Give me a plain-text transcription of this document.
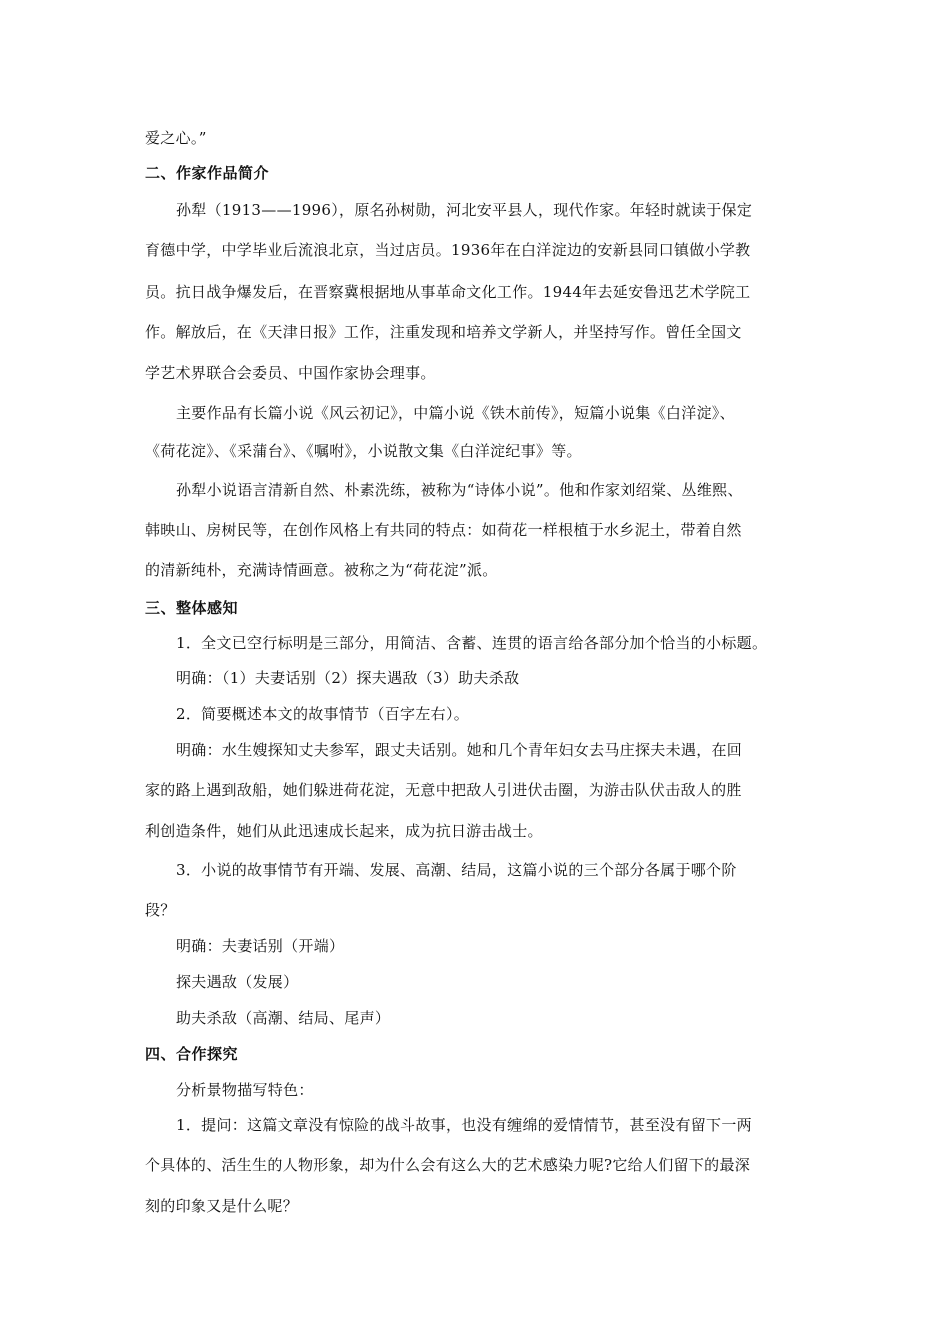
爱之心。”
二、作家作品简介
孙犁（1913——1996），原名孙树勋，河北安平县人，现代作家。年轻时就读于保定
育德中学，中学毕业后流浪北京，当过店员。1936年在白洋淀边的安新县同口镇做小学教
员。抗日战争爆发后，在晋察冀根据地从事革命文化工作。1944年去延安鲁迅艺术学院工
作。解放后，在《天津日报》工作，注重发现和培养文学新人，并坚持写作。曾任全国文
学艺术界联合会委员、中国作家协会理事。
主要作品有长篇小说《风云初记》，中篇小说《铁木前传》，短篇小说集《白洋淀》、
《荷花淀》、《采蒲台》、《嘱咐》，小说散文集《白洋淀纪事》等。
孙犁小说语言清新自然、朴素洗练，被称为“诗体小说”。他和作家刘绍棠、丛维熙、
韩映山、房树民等，在创作风格上有共同的特点：如荷花一样根植于水乡泥土，带着自然
的清新纯朴，充满诗情画意。被称之为“荷花淀”派。
三、整体感知
1．全文已空行标明是三部分，用简洁、含蓄、连贯的语言给各部分加个恰当的小标题。
明确：（1）夫妻话别（2）探夫遇敌（3）助夫杀敌
2．简要概述本文的故事情节（百字左右）。
明确：水生嫂探知丈夫参军，跟丈夫话别。她和几个青年妇女去马庄探夫未遇，在回
家的路上遇到敌船，她们躲进荷花淀，无意中把敌人引进伏击圈，为游击队伏击敌人的胜
利创造条件，她们从此迅速成长起来，成为抗日游击战士。
3．小说的故事情节有开端、发展、高潮、结局，这篇小说的三个部分各属于哪个阶
段？
明确：夫妻话别（开端）
探夫遇敌（发展）
助夫杀敌（高潮、结局、尾声）
四、合作探究
分析景物描写特色：
1．提问：这篇文章没有惊险的战斗故事，也没有缠绵的爱情情节，甚至没有留下一两
个具体的、活生生的人物形象，却为什么会有这么大的艺术感染力呢?它给人们留下的最深
刻的印象又是什么呢？
